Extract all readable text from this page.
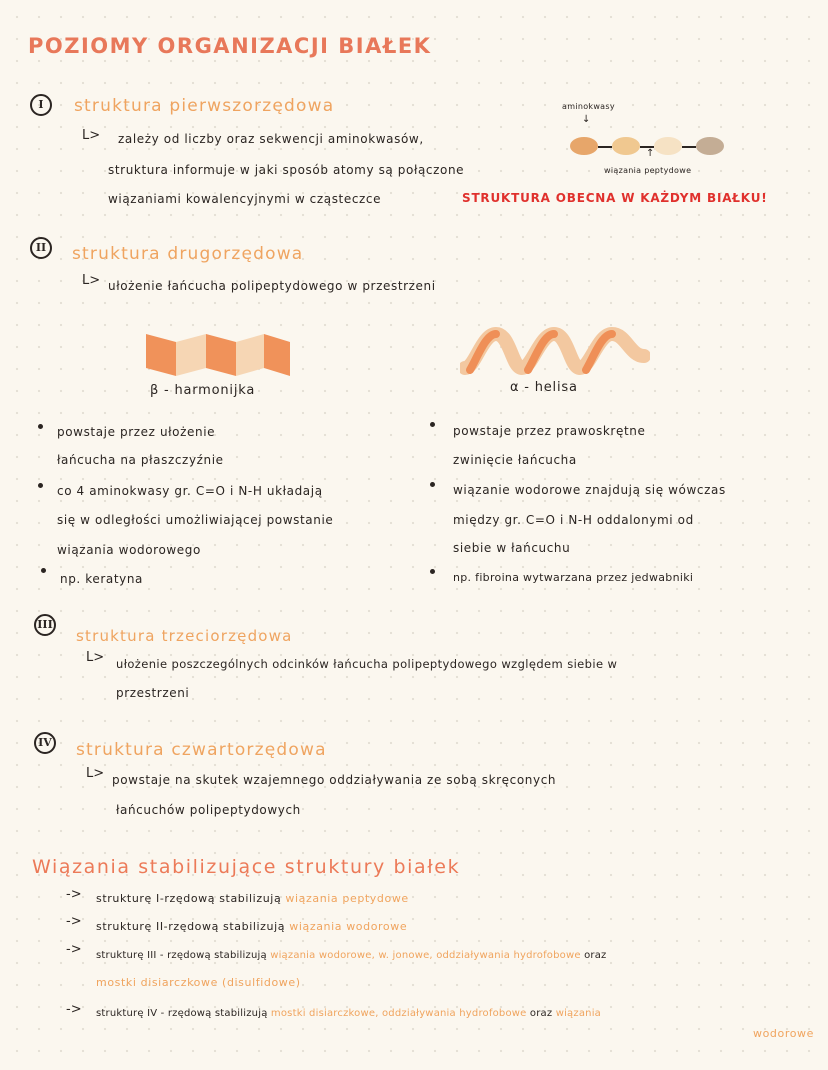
POZIOMY ORGANIZACJI BIAŁEK
I	struktura pierwszorzędowa
L> zależy od liczby oraz sekwencji aminokwasów,
struktura informuje w jaki sposób atomy są połączone
wiązaniami kowalencyjnymi w cząsteczce	STRUKTURA OBECNA W KAŻDYM BIAŁKU!
aminokwasy
↓
↑
wiązania peptydowe
II	struktura drugorzędowa
L> ułożenie łańcucha polipeptydowego w przestrzeni
β - harmonijka	α - helisa
powstaje przez ułożenie
łańcucha na płaszczyźnie
co 4 aminokwasy gr. C=O i N-H układają
się w odległości umożliwiającej powstanie
wiązania wodorowego
np. keratyna
powstaje przez prawoskrętne
zwinięcie łańcucha
wiązanie wodorowe znajdują się wówczas
między gr. C=O i N-H oddalonymi od
siebie w łańcuchu
np. fibroina wytwarzana przez jedwabniki
III
struktura trzeciorzędowa
L> ułożenie poszczególnych odcinków łańcucha polipeptydowego względem siebie w
przestrzeni
IV struktura czwartorzędowa
L> powstaje na skutek wzajemnego oddziaływania ze sobą skręconych
łańcuchów polipeptydowych
Wiązania stabilizujące struktury białek
-> strukturę I-rzędową stabilizują wiązania peptydowe
-> strukturę II-rzędową stabilizują wiązania wodorowe
-> strukturę III - rzędową stabilizują wiązania wodorowe, w. jonowe, oddziaływania hydrofobowe oraz
mostki disiarczkowe (disulfidowe)
-> strukturę IV - rzędową stabilizują mostki disiarczkowe, oddziaływania hydrofobowe oraz wiązania
wodorowe
